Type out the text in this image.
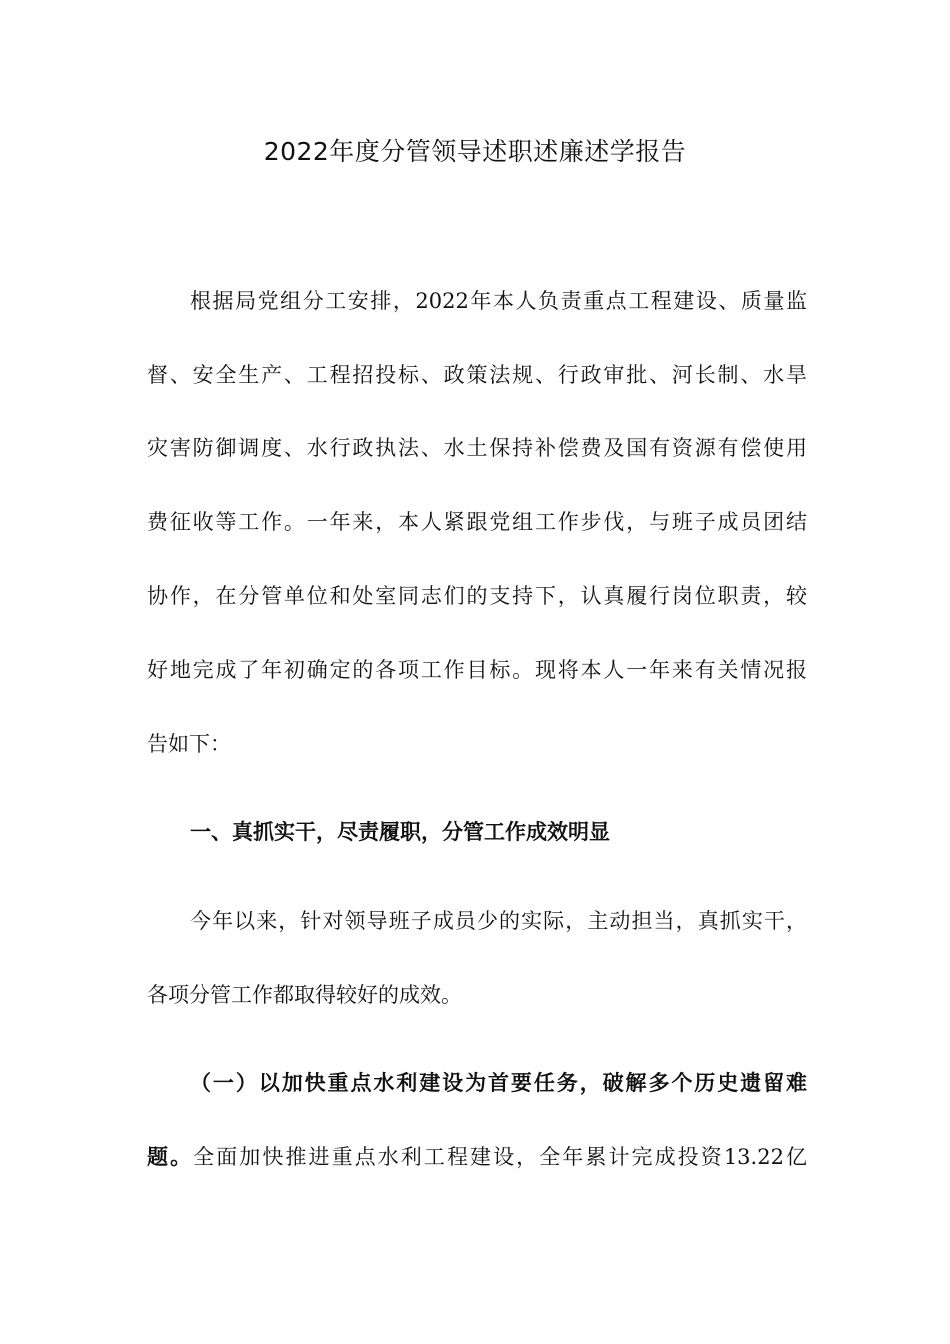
2022年度分管领导述职述廉述学报告

根据局党组分工安排，2022年本人负责重点工程建设、质量监

督、安全生产、工程招投标、政策法规、行政审批、河长制、水旱

灾害防御调度、水行政执法、水土保持补偿费及国有资源有偿使用

费征收等工作。一年来，本人紧跟党组工作步伐，与班子成员团结

协作，在分管单位和处室同志们的支持下，认真履行岗位职责，较

好地完成了年初确定的各项工作目标。现将本人一年来有关情况报

告如下：

一、真抓实干，尽责履职，分管工作成效明显

今年以来，针对领导班子成员少的实际，主动担当，真抓实干，

各项分管工作都取得较好的成效。

（一）以加快重点水利建设为首要任务，破解多个历史遗留难

题。全面加快推进重点水利工程建设，全年累计完成投资13.22亿
